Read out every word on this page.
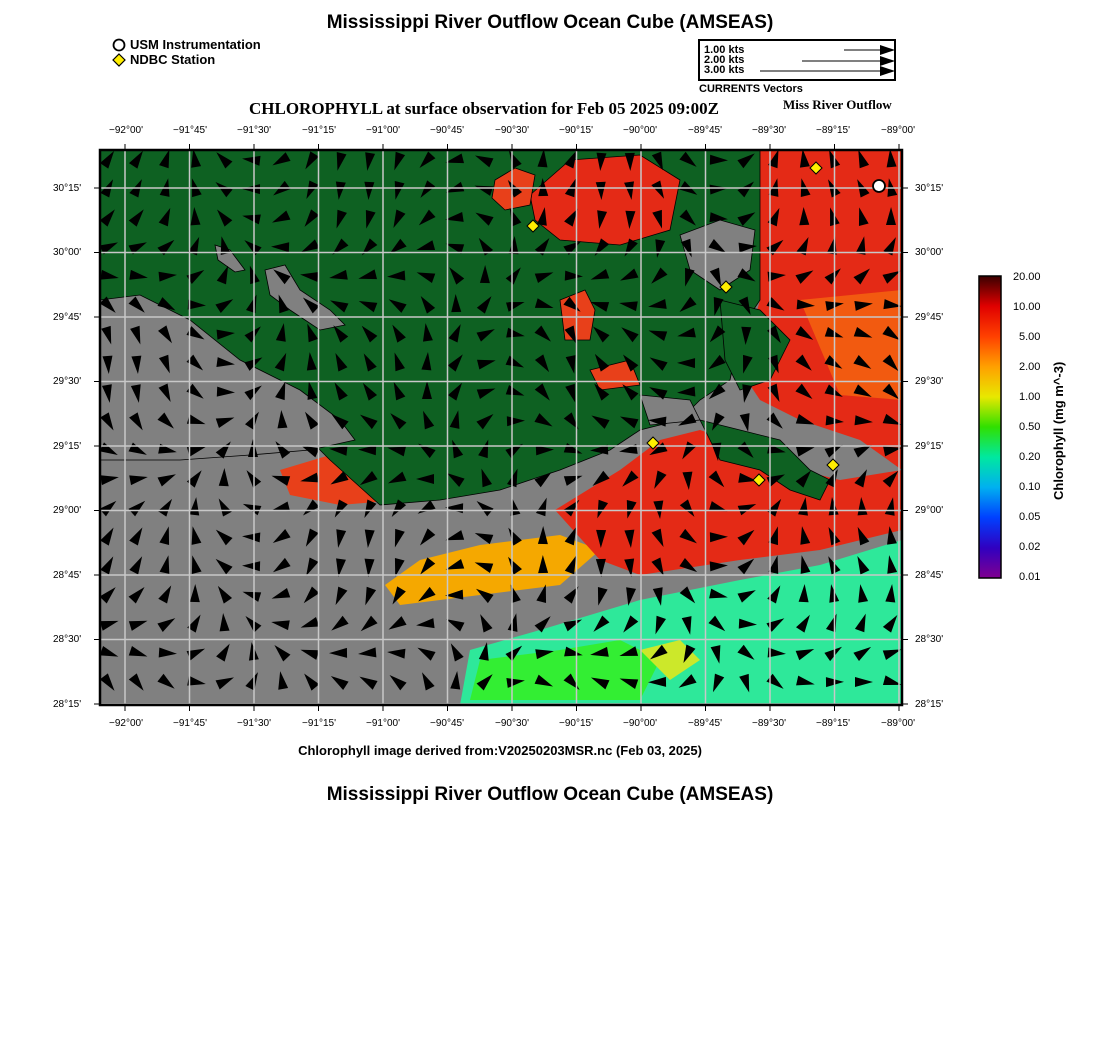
Mississippi River Outflow Ocean Cube (AMSEAS)
USM Instrumentation
NDBC Station
1.00 kts
2.00 kts
3.00 kts
CURRENTS Vectors
CHLOROPHYLL at surface observation for Feb 05 2025 09:00Z	Miss River Outflow
−92°00'	−91°45'	−91°30'	−91°15'	−91°00'	−90°45'	−90°30'	−90°15'	−90°00'	−89°45'	−89°30'	−89°15'	−89°00'
−92°00'	−91°45'	−91°30'	−91°15'	−91°00'	−90°45'	−90°30'	−90°15'	−90°00'	−89°45'	−89°30'	−89°15'	−89°00'
30°15'
30°00'
29°45'
29°30'
29°15'
29°00'
28°45'
28°30'
28°15'
30°15'
30°00'
29°45'
29°30'
29°15'
29°00'
28°45'
28°30'
28°15'
20.00
10.00
5.00
2.00
1.00
0.50
0.20
0.10
0.05
0.02
0.01
Chlorophyll (mg m^-3)
Chlorophyll image derived from:V20250203MSR.nc (Feb 03, 2025)
Mississippi River Outflow Ocean Cube (AMSEAS)
